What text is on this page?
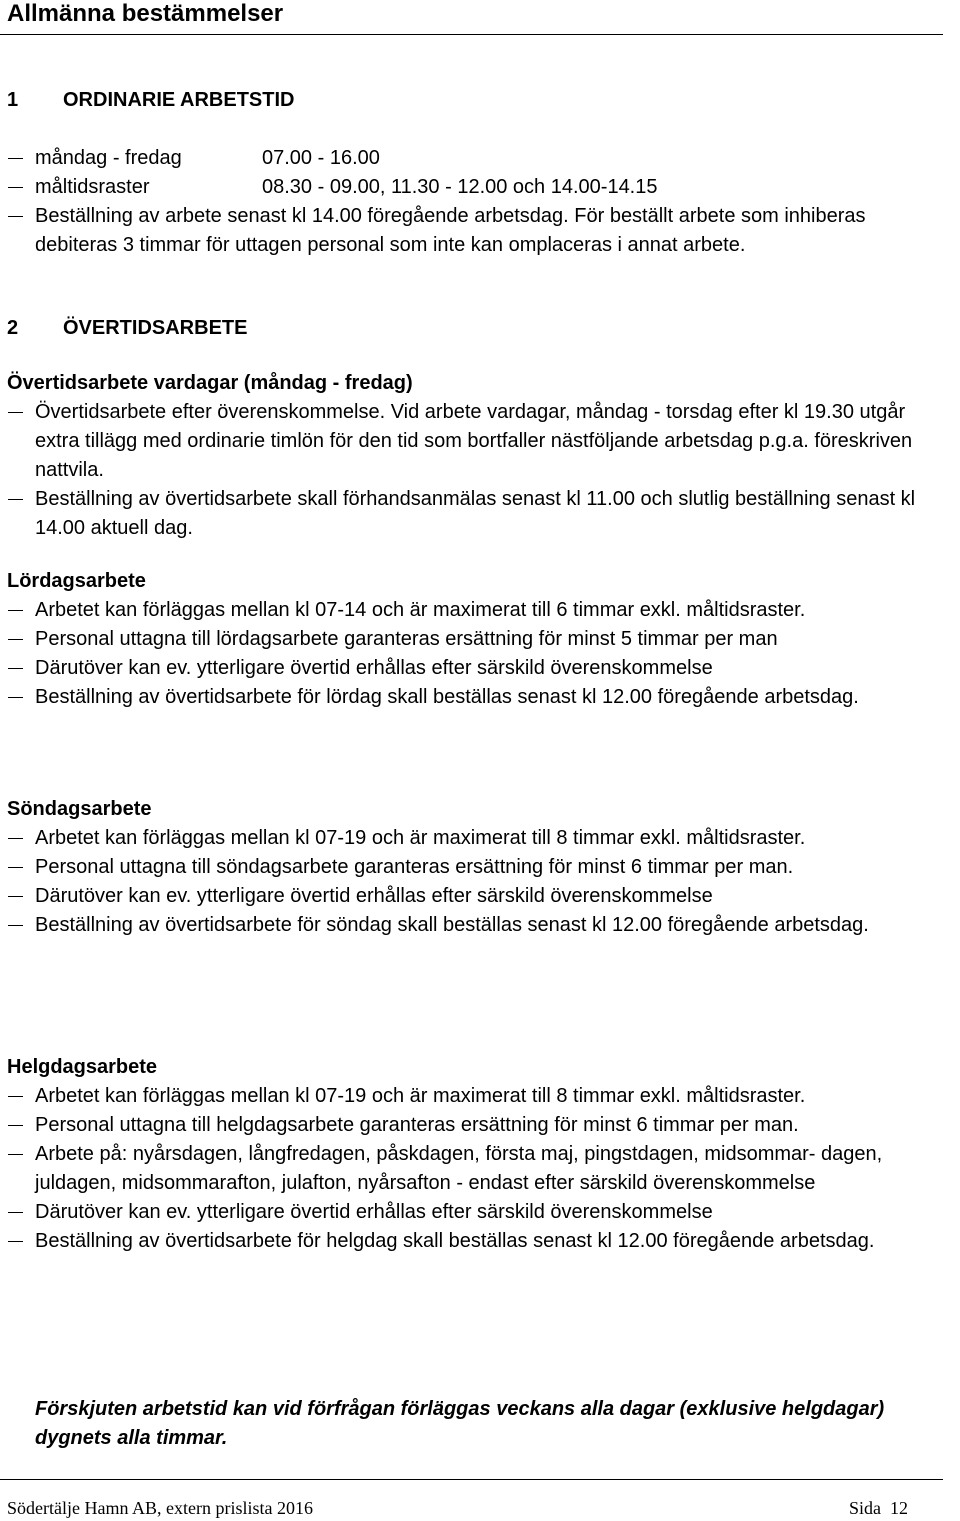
Allmänna bestämmelser
1 ORDINARIE ARBETSTID
måndag - fredag	07.00 - 16.00
måltidsraster	08.30 - 09.00, 11.30 - 12.00 och 14.00-14.15
Beställning av arbete senast kl 14.00 föregående arbetsdag. För beställt arbete som inhiberas debiteras 3 timmar för uttagen personal som inte kan omplaceras i annat arbete.
2 ÖVERTIDSARBETE
Övertidsarbete vardagar (måndag - fredag)
Övertidsarbete efter överenskommelse. Vid arbete vardagar, måndag - torsdag efter kl 19.30 utgår extra tillägg med ordinarie timlön för den tid som bortfaller nästföljande arbetsdag p.g.a. föreskriven nattvila.
Beställning av övertidsarbete skall förhandsanmälas senast kl 11.00 och slutlig beställning senast kl 14.00 aktuell dag.
Lördagsarbete
Arbetet kan förläggas mellan kl 07-14 och är maximerat till 6 timmar exkl. måltidsraster.
Personal uttagna till lördagsarbete garanteras ersättning för minst 5 timmar per man
Därutöver kan ev. ytterligare övertid erhållas efter särskild överenskommelse
Beställning av övertidsarbete för lördag skall beställas senast kl 12.00 föregående arbetsdag.
Söndagsarbete
Arbetet kan förläggas mellan kl 07-19 och är maximerat till 8 timmar exkl. måltidsraster.
Personal uttagna till söndagsarbete garanteras ersättning för minst 6 timmar per man.
Därutöver kan ev. ytterligare övertid erhållas efter särskild överenskommelse
Beställning av övertidsarbete för söndag skall beställas senast kl 12.00 föregående arbetsdag.
Helgdagsarbete
Arbetet kan förläggas mellan kl 07-19 och är maximerat till 8 timmar exkl. måltidsraster.
Personal uttagna till helgdagsarbete garanteras ersättning för minst 6 timmar per man.
Arbete på: nyårsdagen, långfredagen, påskdagen, första maj, pingstdagen, midsommar- dagen, juldagen, midsommarafton, julafton, nyårsafton - endast efter särskild överenskommelse
Därutöver kan ev. ytterligare övertid erhållas efter särskild överenskommelse
Beställning av övertidsarbete för helgdag skall beställas senast kl 12.00 föregående arbetsdag.

Förskjuten arbetstid kan vid förfrågan förläggas veckans alla dagar (exklusive helgdagar) dygnets alla timmar.

Södertälje Hamn AB, extern prislista 2016	Sida 12
